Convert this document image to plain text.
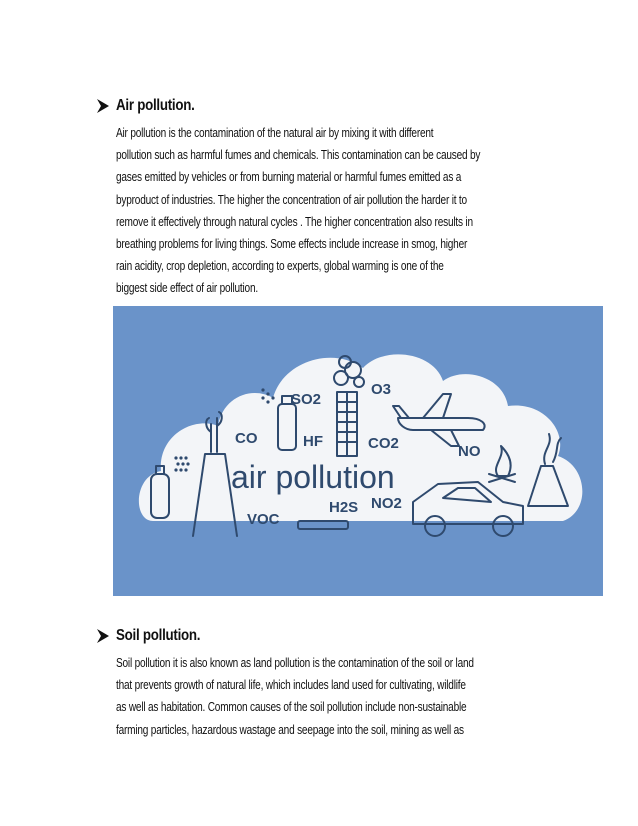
Air pollution.
Air pollution is the contamination of the natural air by mixing it with different
pollution such as harmful fumes and chemicals. This contamination can be caused by
gases emitted by vehicles or from burning material or harmful fumes emitted as a
byproduct of industries. The higher the concentration of air pollution the harder it to
remove it effectively through natural cycles . The higher concentration also results in
breathing problems for living things. Some effects include increase in smog, higher
rain acidity, crop depletion, according to experts, global warming is one of the
biggest side effect of air pollution.
SO2
O3
CO	HF	CO2	NO
air pollution
VOC
H2S NO2
Soil pollution.
Soil pollution it is also known as land pollution is the contamination of the soil or land
that prevents growth of natural life, which includes land used for cultivating, wildlife
as well as habitation. Common causes of the soil pollution include non-sustainable
farming particles, hazardous wastage and seepage into the soil, mining as well as
